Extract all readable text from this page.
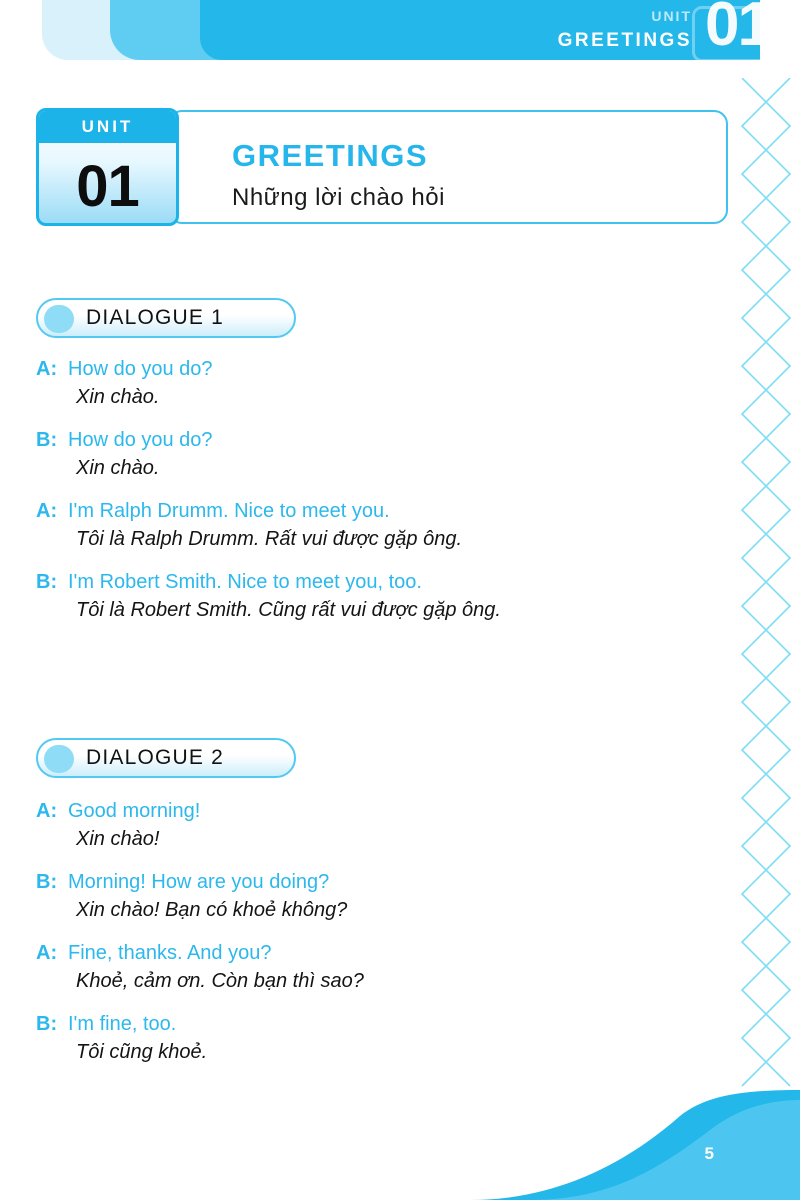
UNIT
GREETINGS 01
UNIT
01	GREETINGS
Những lời chào hỏi
DIALOGUE 1
A: How do you do?
Xin chào.
B: How do you do?
Xin chào.
A: I'm Ralph Drumm. Nice to meet you.
Tôi là Ralph Drumm. Rất vui được gặp ông.
B: I'm Robert Smith. Nice to meet you, too.
Tôi là Robert Smith. Cũng rất vui được gặp ông.
DIALOGUE 2
A: Good morning!
Xin chào!
B: Morning! How are you doing?
Xin chào! Bạn có khoẻ không?
A: Fine, thanks. And you?
Khoẻ, cảm ơn. Còn bạn thì sao?
B: I'm fine, too.
Tôi cũng khoẻ.
5
